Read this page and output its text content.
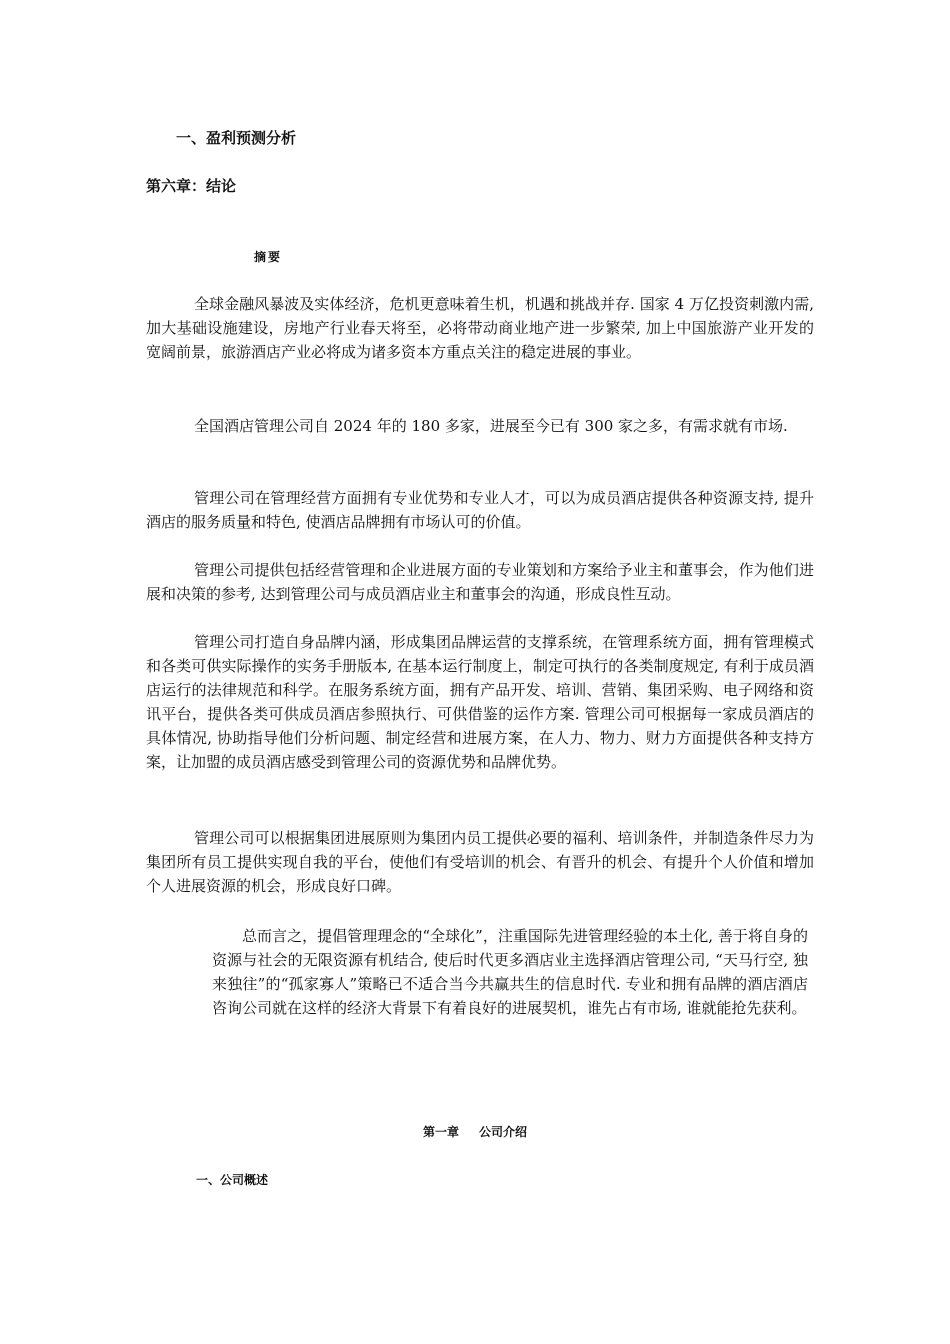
一、盈利预测分析
第六章：结论
摘要

全球金融风暴波及实体经济，危机更意味着生机，机遇和挑战并存. 国家 4 万亿投资刺激内需, 加大基础设施建设，房地产行业春天将至，必将带动商业地产进一步繁荣, 加上中国旅游产业开发的宽阔前景，旅游酒店产业必将成为诸多资本方重点关注的稳定进展的事业。

全国酒店管理公司自 2024 年的 180 多家，进展至今已有 300 家之多，有需求就有市场.

管理公司在管理经营方面拥有专业优势和专业人才，可以为成员酒店提供各种资源支持, 提升酒店的服务质量和特色, 使酒店品牌拥有市场认可的价值。

管理公司提供包括经营管理和企业进展方面的专业策划和方案给予业主和董事会，作为他们进展和决策的参考, 达到管理公司与成员酒店业主和董事会的沟通，形成良性互动。

管理公司打造自身品牌内涵，形成集团品牌运营的支撑系统，在管理系统方面，拥有管理模式和各类可供实际操作的实务手册版本, 在基本运行制度上，制定可执行的各类制度规定, 有利于成员酒店运行的法律规范和科学。在服务系统方面，拥有产品开发、培训、营销、集团采购、电子网络和资讯平台，提供各类可供成员酒店参照执行、可供借鉴的运作方案. 管理公司可根据每一家成员酒店的具体情况, 协助指导他们分析问题、制定经营和进展方案，在人力、物力、财力方面提供各种支持方案，让加盟的成员酒店感受到管理公司的资源优势和品牌优势。

管理公司可以根据集团进展原则为集团内员工提供必要的福利、培训条件，并制造条件尽力为集团所有员工提供实现自我的平台，使他们有受培训的机会、有晋升的机会、有提升个人价值和增加个人进展资源的机会，形成良好口碑。

总而言之，提倡管理理念的“全球化”，注重国际先进管理经验的本土化, 善于将自身的资源与社会的无限资源有机结合, 使后时代更多酒店业主选择酒店管理公司, “天马行空, 独来独往”的“孤家寡人”策略已不适合当今共赢共生的信息时代. 专业和拥有品牌的酒店酒店咨询公司就在这样的经济大背景下有着良好的进展契机，谁先占有市场, 谁就能抢先获利。

第一章 公司介绍
一、公司概述
